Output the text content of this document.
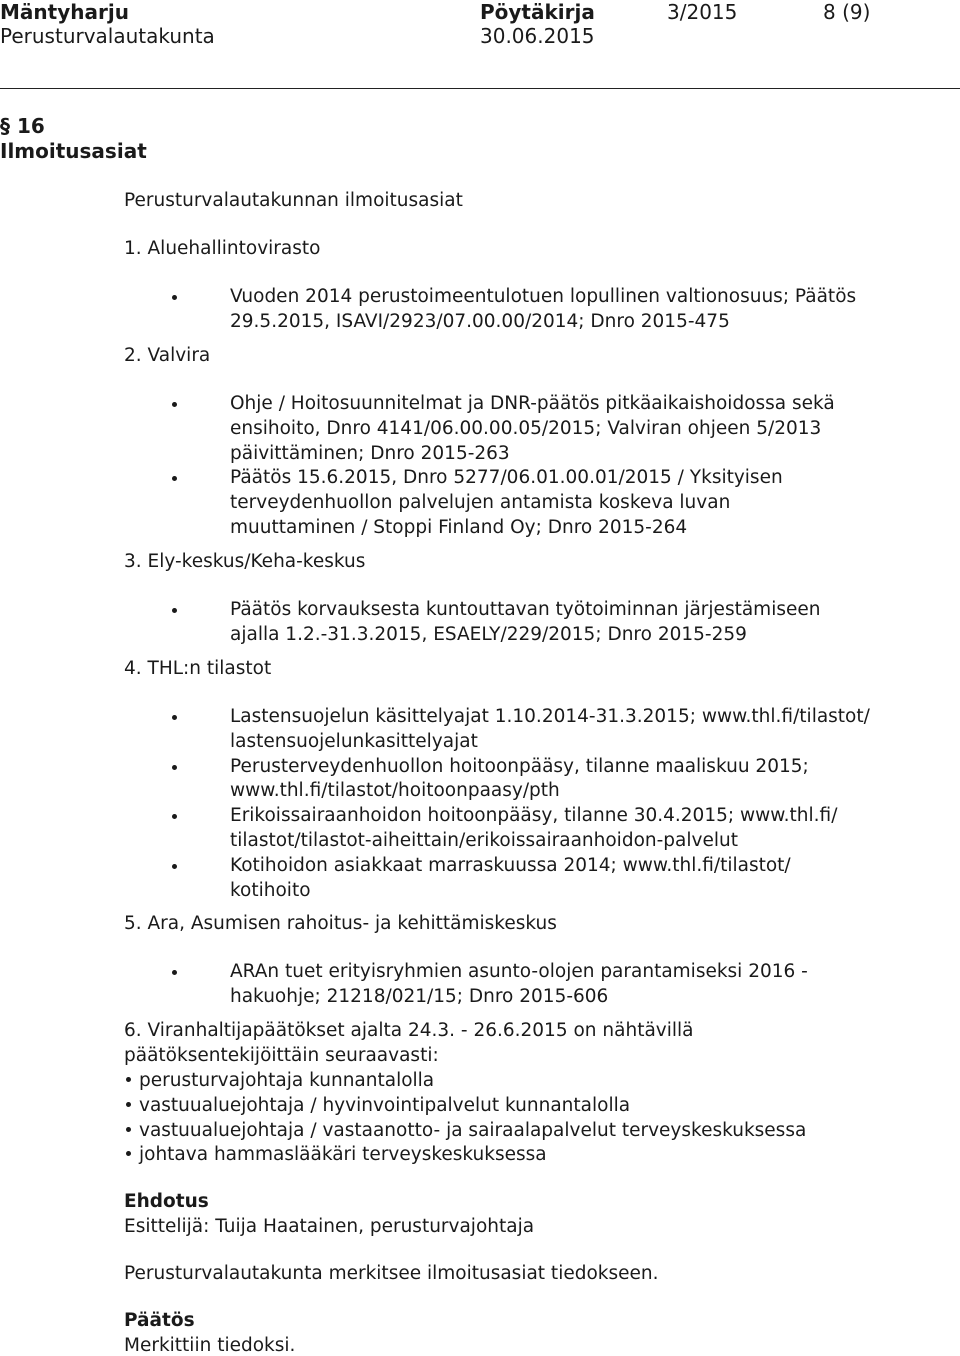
Mäntyharju	Pöytäkirja	3/2015	8 (9)
Perusturvalautakunta	30.06.2015
§ 16
Ilmoitusasiat
Perusturvalautakunnan ilmoitusasiat
1. Aluehallintovirasto
Vuoden 2014 perustoimeentulotuen lopullinen valtionosuus; Päätös
29.5.2015, ISAVI/2923/07.00.00/2014; Dnro 2015-475
2. Valvira
Ohje / Hoitosuunnitelmat ja DNR-päätös pitkäaikaishoidossa sekä
ensihoito, Dnro 4141/06.00.00.05/2015; Valviran ohjeen 5/2013
päivittäminen; Dnro 2015-263
Päätös 15.6.2015, Dnro 5277/06.01.00.01/2015 / Yksityisen
terveydenhuollon palvelujen antamista koskeva luvan
muuttaminen / Stoppi Finland Oy; Dnro 2015-264
3. Ely-keskus/Keha-keskus
Päätös korvauksesta kuntouttavan työtoiminnan järjestämiseen
ajalla 1.2.-31.3.2015, ESAELY/229/2015; Dnro 2015-259
4. THL:n tilastot
Lastensuojelun käsittelyajat 1.10.2014-31.3.2015; www.thl.fi/tilastot/
lastensuojelunkasittelyajat
Perusterveydenhuollon hoitoonpääsy, tilanne maaliskuu 2015;
www.thl.fi/tilastot/hoitoonpaasy/pth
Erikoissairaanhoidon hoitoonpääsy, tilanne 30.4.2015; www.thl.fi/
tilastot/tilastot-aiheittain/erikoissairaanhoidon-palvelut
Kotihoidon asiakkaat marraskuussa 2014; www.thl.fi/tilastot/
kotihoito
5. Ara, Asumisen rahoitus- ja kehittämiskeskus
ARAn tuet erityisryhmien asunto-olojen parantamiseksi 2016 -
hakuohje; 21218/021/15; Dnro 2015-606
6. Viranhaltijapäätökset ajalta 24.3. - 26.6.2015 on nähtävillä
päätöksentekijöittäin seuraavasti:
perusturvajohtaja kunnantalolla
vastuualuejohtaja / hyvinvointipalvelut kunnantalolla
vastuualuejohtaja / vastaanotto- ja sairaalapalvelut terveyskeskuksessa
johtava hammaslääkäri terveyskeskuksessa
Ehdotus
Esittelijä: Tuija Haatainen, perusturvajohtaja
Perusturvalautakunta merkitsee ilmoitusasiat tiedokseen.
Päätös
Merkittiin tiedoksi.
